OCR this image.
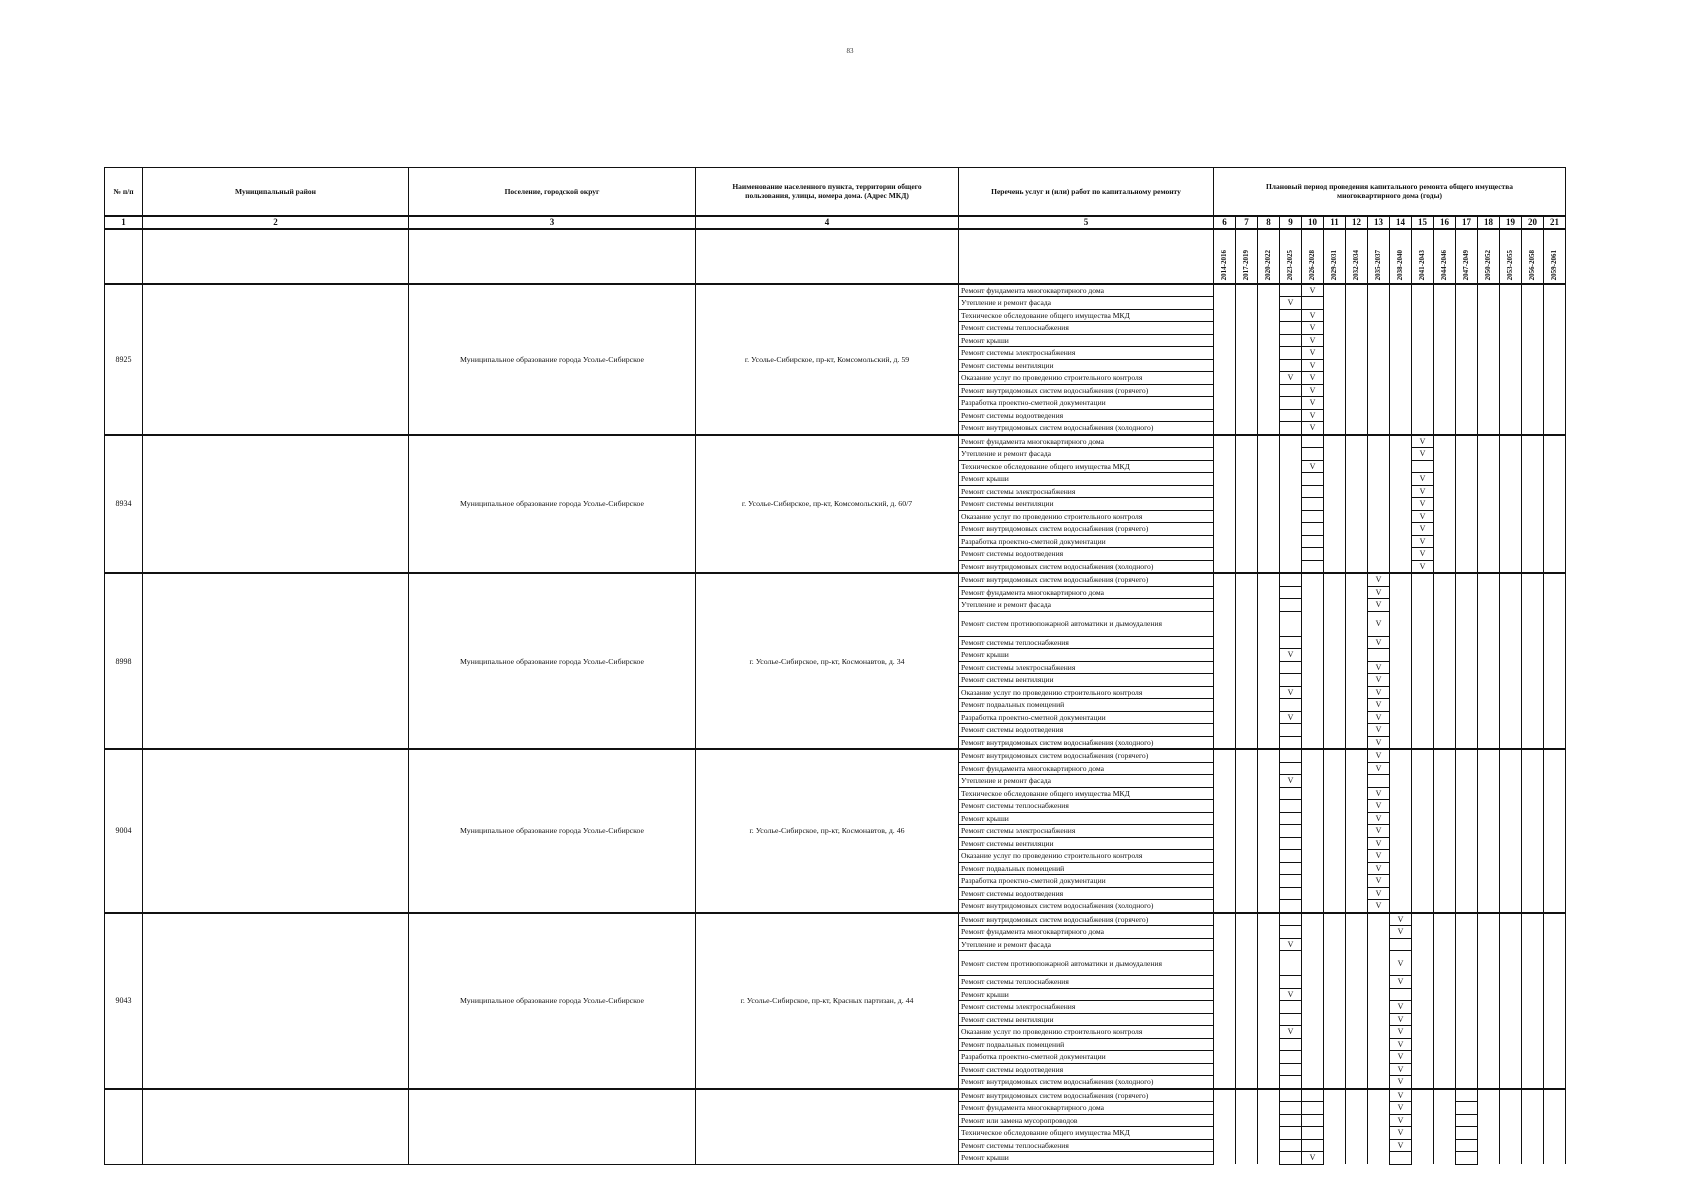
83
№ п/п	Муниципальный район	Поселение, городской округ	Наименование населенного пункта, территории общего пользования, улицы, номера дома. (Адрес МКД)	Перечень услуг и (или) работ по капитальному ремонту	Плановый период проведения капитального ремонта общего имущества многоквартирного дома (годы)															
1	2	3	4	5	6	7	8	9	10	11	12	13	14	15	16	17	18	19	20	21

					2014-2016	2017-2019	2020-2022	2023-2025	2026-2028	2029-2031	2032-2034	2035-2037	2038-2040	2041-2043	2044-2046	2047-2049	2050-2052	2053-2055	2056-2058	2059-2061

8925		Муниципальное образование города Усолье-Сибирское	г. Усолье-Сибирское, пр-кт, Комсомольский, д. 59	Ремонт фундамента многоквартирного дома					V											
				Утепление и ремонт фасада				V												
				Техническое обследование общего имущества МКД					V											
				Ремонт системы теплоснабжения					V											
				Ремонт крыши					V											
				Ремонт системы электроснабжения					V											
				Ремонт системы вентиляции					V											
				Оказание услуг по проведению строительного контроля				V	V											
				Ремонт внутридомовых систем водоснабжения (горячего)					V											
				Разработка проектно-сметной документации					V											
				Ремонт системы водоотведения					V											
				Ремонт внутридомовых систем водоснабжения (холодного)					V											
8934		Муниципальное образование города Усолье-Сибирское	г. Усолье-Сибирское, пр-кт, Комсомольский, д. 60/7	Ремонт фундамента многоквартирного дома										V						
				Утепление и ремонт фасада										V						
				Техническое обследование общего имущества МКД					V											
				Ремонт крыши										V						
				Ремонт системы электроснабжения										V						
				Ремонт системы вентиляции										V						
				Оказание услуг по проведению строительного контроля										V						
				Ремонт внутридомовых систем водоснабжения (горячего)										V						
				Разработка проектно-сметной документации										V						
				Ремонт системы водоотведения										V						
				Ремонт внутридомовых систем водоснабжения (холодного)										V						
8998		Муниципальное образование города Усолье-Сибирское	г. Усолье-Сибирское, пр-кт, Космонавтов, д. 34	Ремонт внутридомовых систем водоснабжения (горячего)								V								
				Ремонт фундамента многоквартирного дома								V								
				Утепление и ремонт фасада								V								
				Ремонт систем противопожарной автоматики и дымоудаления								V								
				Ремонт системы теплоснабжения								V								
				Ремонт крыши				V												
				Ремонт системы электроснабжения								V								
				Ремонт системы вентиляции								V								
				Оказание услуг по проведению строительного контроля				V				V								
				Ремонт подвальных помещений								V								
				Разработка проектно-сметной документации				V				V								
				Ремонт системы водоотведения								V								
				Ремонт внутридомовых систем водоснабжения (холодного)								V								
9004		Муниципальное образование города Усолье-Сибирское	г. Усолье-Сибирское, пр-кт, Космонавтов, д. 46	Ремонт внутридомовых систем водоснабжения (горячего)								V								
				Ремонт фундамента многоквартирного дома								V								
				Утепление и ремонт фасада				V												
				Техническое обследование общего имущества МКД								V								
				Ремонт системы теплоснабжения								V								
				Ремонт крыши								V								
				Ремонт системы электроснабжения								V								
				Ремонт системы вентиляции								V								
				Оказание услуг по проведению строительного контроля								V								
				Ремонт подвальных помещений								V								
				Разработка проектно-сметной документации								V								
				Ремонт системы водоотведения								V								
				Ремонт внутридомовых систем водоснабжения (холодного)								V								
9043		Муниципальное образование города Усолье-Сибирское	г. Усолье-Сибирское, пр-кт, Красных партизан, д. 44	Ремонт внутридомовых систем водоснабжения (горячего)									V							
				Ремонт фундамента многоквартирного дома									V							
				Утепление и ремонт фасада				V												
				Ремонт систем противопожарной автоматики и дымоудаления									V							
				Ремонт системы теплоснабжения									V							
				Ремонт крыши				V												
				Ремонт системы электроснабжения									V							
				Ремонт системы вентиляции									V							
				Оказание услуг по проведению строительного контроля				V					V							
				Ремонт подвальных помещений									V							
				Разработка проектно-сметной документации									V							
				Ремонт системы водоотведения									V							
				Ремонт внутридомовых систем водоснабжения (холодного)									V							
				Ремонт внутридомовых систем водоснабжения (горячего)									V							
				Ремонт фундамента многоквартирного дома									V							
				Ремонт или замена мусоропроводов									V							
				Техническое обследование общего имущества МКД									V							
				Ремонт системы теплоснабжения									V							
				Ремонт крыши					V											
